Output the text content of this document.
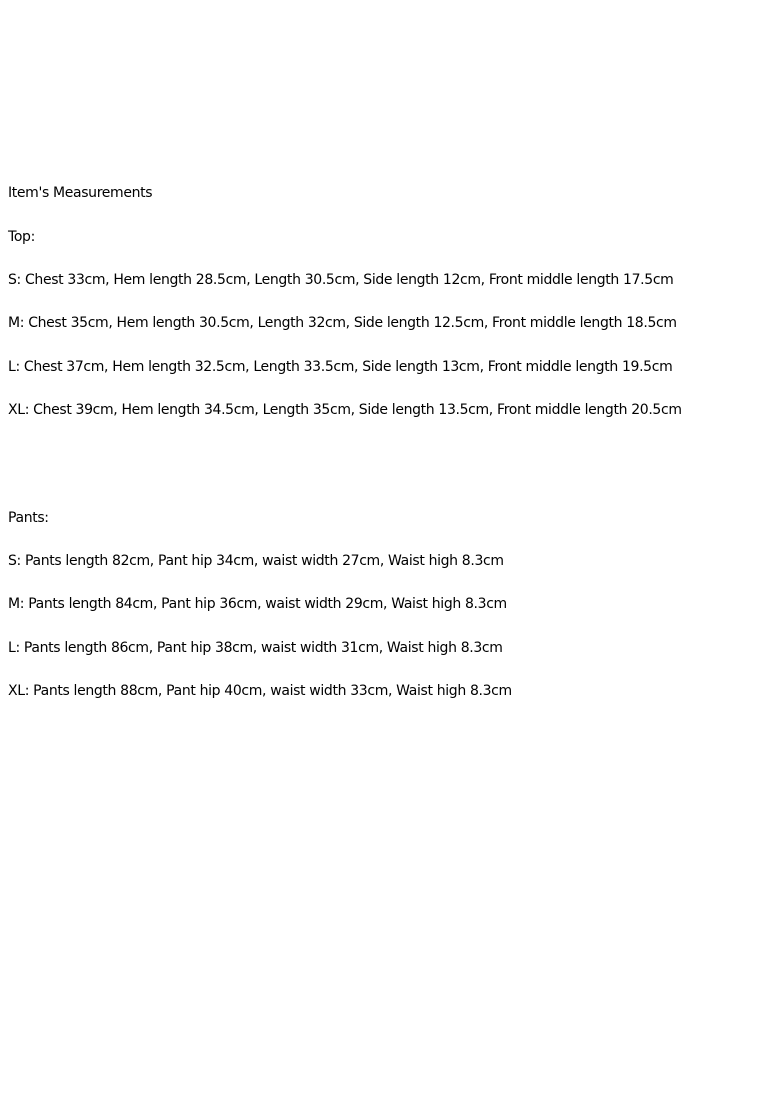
Item's Measurements
Top:
S: Chest 33cm, Hem length 28.5cm, Length 30.5cm, Side length 12cm, Front middle length 17.5cm
M: Chest 35cm, Hem length 30.5cm, Length 32cm, Side length 12.5cm, Front middle length 18.5cm
L: Chest 37cm, Hem length 32.5cm, Length 33.5cm, Side length 13cm, Front middle length 19.5cm
XL: Chest 39cm, Hem length 34.5cm, Length 35cm, Side length 13.5cm, Front middle length 20.5cm
Pants:
S: Pants length 82cm, Pant hip 34cm, waist width 27cm, Waist high 8.3cm
M: Pants length 84cm, Pant hip 36cm, waist width 29cm, Waist high 8.3cm
L: Pants length 86cm, Pant hip 38cm, waist width 31cm, Waist high 8.3cm
XL: Pants length 88cm, Pant hip 40cm, waist width 33cm, Waist high 8.3cm
